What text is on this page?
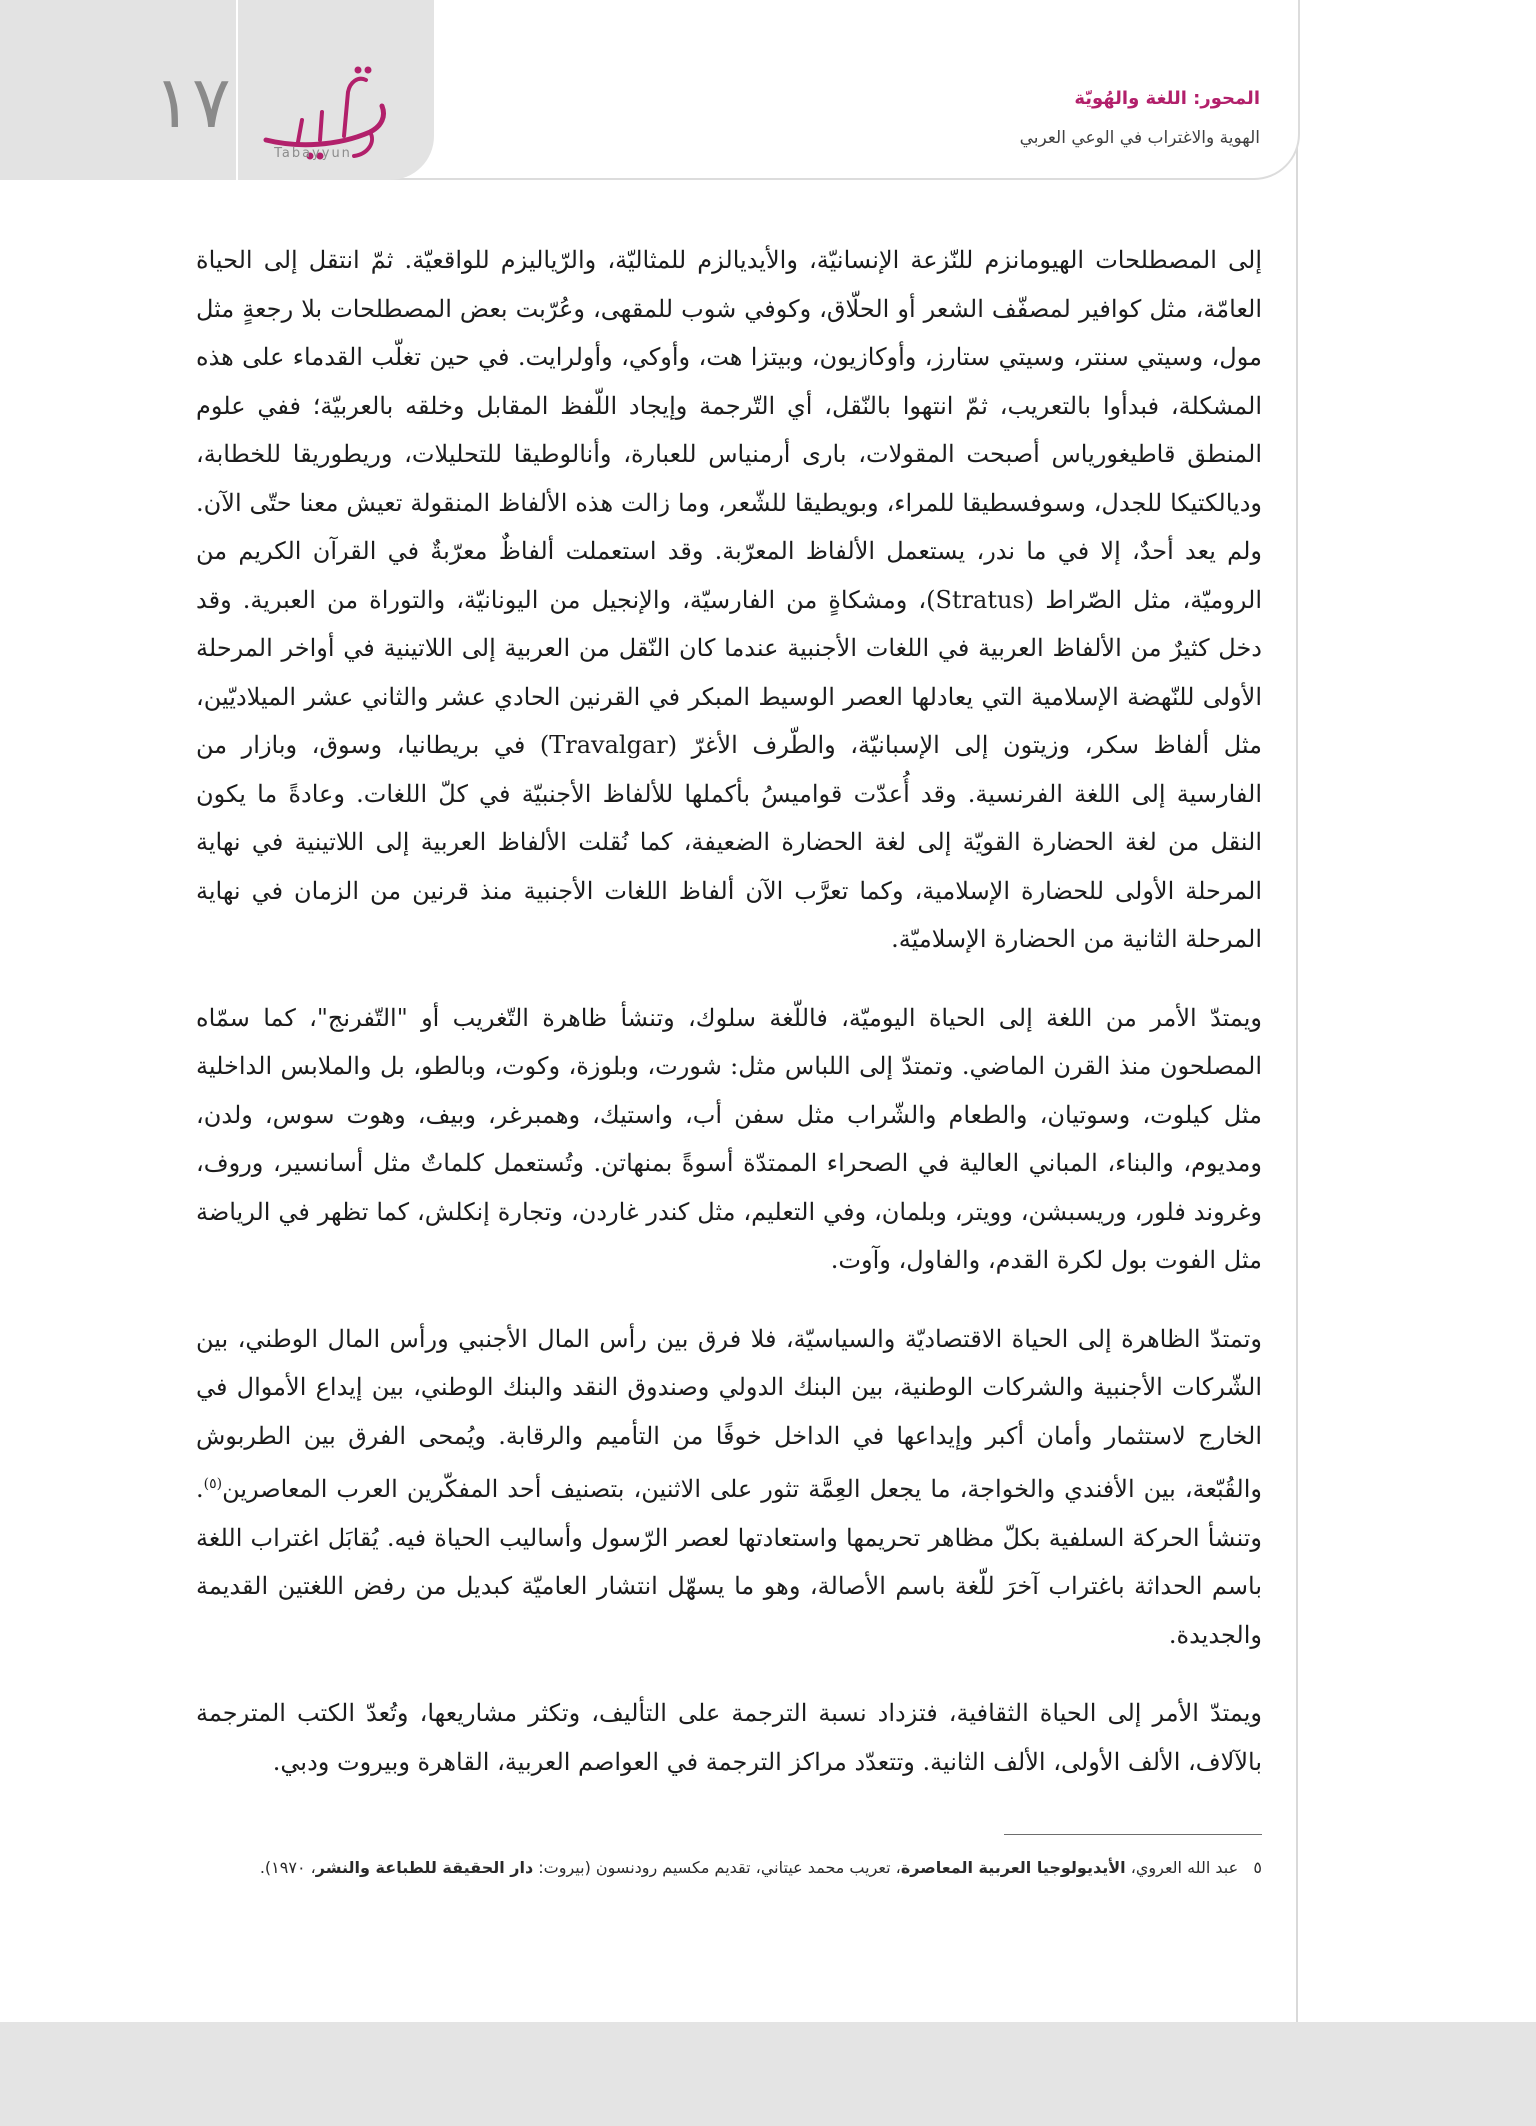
١٧
Tabayyun
المحور: اللغة والهُويّة
الهوية والاغتراب في الوعي العربي

إلى المصطلحات الهيومانزم للنّزعة الإنسانيّة، والأيديالزم للمثاليّة، والرّياليزم للواقعيّة. ثمّ انتقل إلى الحياة العامّة، مثل كوافير لمصفّف الشعر أو الحلّاق، وكوفي شوب للمقهى، وعُرّبت بعض المصطلحات بلا رجعةٍ مثل مول، وسيتي سنتر، وسيتي ستارز، وأوكازيون، وبيتزا هت، وأوكي، وأولرايت. في حين تغلّب القدماء على هذه المشكلة، فبدأوا بالتعريب، ثمّ انتهوا بالنّقل، أي التّرجمة وإيجاد اللّفظ المقابل وخلقه بالعربيّة؛ ففي علوم المنطق قاطيغورياس أصبحت المقولات، بارى أرمنياس للعبارة، وأنالوطيقا للتحليلات، وريطوريقا للخطابة، وديالكتيكا للجدل، وسوفسطيقا للمراء، وبويطيقا للشّعر، وما زالت هذه الألفاظ المنقولة تعيش معنا حتّى الآن. ولم يعد أحدٌ، إلا في ما ندر، يستعمل الألفاظ المعرّبة. وقد استعملت ألفاظٌ معرّبةٌ في القرآن الكريم من الروميّة، مثل الصّراط (Stratus)، ومشكاةٍ من الفارسيّة، والإنجيل من اليونانيّة، والتوراة من العبرية. وقد دخل كثيرٌ من الألفاظ العربية في اللغات الأجنبية عندما كان النّقل من العربية إلى اللاتينية في أواخر المرحلة الأولى للنّهضة الإسلامية التي يعادلها العصر الوسيط المبكر في القرنين الحادي عشر والثاني عشر الميلاديّين، مثل ألفاظ سكر، وزيتون إلى الإسبانيّة، والطّرف الأغرّ (Travalgar) في بريطانيا، وسوق، وبازار من الفارسية إلى اللغة الفرنسية. وقد أُعدّت قواميسُ بأكملها للألفاظ الأجنبيّة في كلّ اللغات. وعادةً ما يكون النقل من لغة الحضارة القويّة إلى لغة الحضارة الضعيفة، كما نُقلت الألفاظ العربية إلى اللاتينية في نهاية المرحلة الأولى للحضارة الإسلامية، وكما تعرَّب الآن ألفاظ اللغات الأجنبية منذ قرنين من الزمان في نهاية المرحلة الثانية من الحضارة الإسلاميّة.

ويمتدّ الأمر من اللغة إلى الحياة اليوميّة، فاللّغة سلوك، وتنشأ ظاهرة التّغريب أو "التّفرنج"، كما سمّاه المصلحون منذ القرن الماضي. وتمتدّ إلى اللباس مثل: شورت، وبلوزة، وكوت، وبالطو، بل والملابس الداخلية مثل كيلوت، وسوتيان، والطعام والشّراب مثل سفن أب، واستيك، وهمبرغر، وبيف، وهوت سوس، ولدن، ومديوم، والبناء، المباني العالية في الصحراء الممتدّة أسوةً بمنهاتن. وتُستعمل كلماتٌ مثل أسانسير، وروف، وغروند فلور، وريسبشن، وويتر، وبلمان، وفي التعليم، مثل كندر غاردن، وتجارة إنكلش، كما تظهر في الرياضة مثل الفوت بول لكرة القدم، والفاول، وآوت.

وتمتدّ الظاهرة إلى الحياة الاقتصاديّة والسياسيّة، فلا فرق بين رأس المال الأجنبي ورأس المال الوطني، بين الشّركات الأجنبية والشركات الوطنية، بين البنك الدولي وصندوق النقد والبنك الوطني، بين إيداع الأموال في الخارج لاستثمار وأمان أكبر وإيداعها في الداخل خوفًا من التأميم والرقابة. ويُمحى الفرق بين الطربوش والقُبّعة، بين الأفندي والخواجة، ما يجعل العِمَّة تثور على الاثنين، بتصنيف أحد المفكّرين العرب المعاصرين$^{(٥)}$. وتنشأ الحركة السلفية بكلّ مظاهر تحريمها واستعادتها لعصر الرّسول وأساليب الحياة فيه. يُقابَل اغتراب اللغة باسم الحداثة باغتراب آخرَ للّغة باسم الأصالة، وهو ما يسهّل انتشار العاميّة كبديل من رفض اللغتين القديمة والجديدة.

ويمتدّ الأمر إلى الحياة الثقافية، فتزداد نسبة الترجمة على التأليف، وتكثر مشاريعها، وتُعدّ الكتب المترجمة بالآلاف، الألف الأولى، الألف الثانية. وتتعدّد مراكز الترجمة في العواصم العربية، القاهرة وبيروت ودبي.

٥   عبد الله العروي، الأيديولوجيا العربية المعاصرة، تعريب محمد عيتاني، تقديم مكسيم رودنسون (بيروت: دار الحقيقة للطباعة والنشر، ١٩٧٠).
